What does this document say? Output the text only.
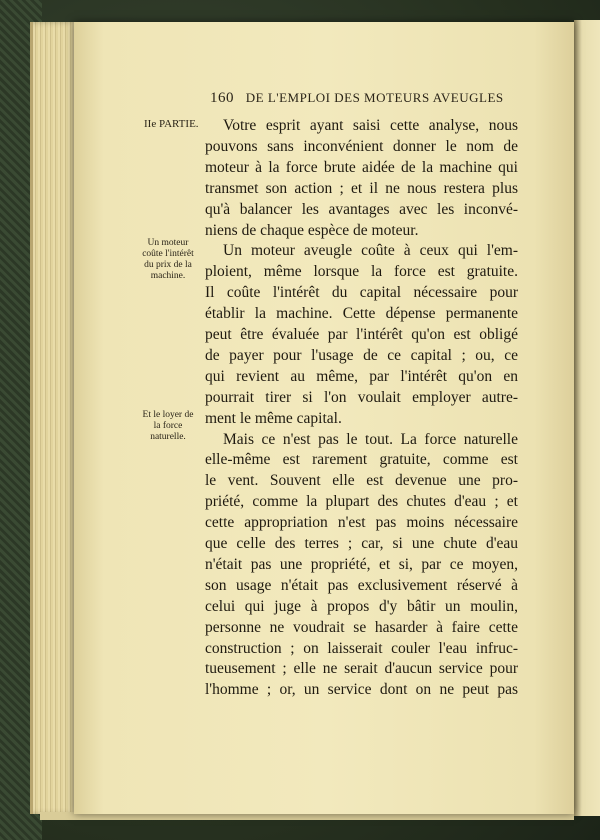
160 DE L'EMPLOI DES MOTEURS AVEUGLES
IIe PARTIE.
Un moteur
coûte l'intérêt
du prix de la
machine.
Et le loyer de
la force
naturelle.
Votre esprit ayant saisi cette analyse, nous
pouvons sans inconvénient donner le nom de
moteur à la force brute aidée de la machine qui
transmet son action ; et il ne nous restera plus
qu'à balancer les avantages avec les inconvé-
niens de chaque espèce de moteur.
Un moteur aveugle coûte à ceux qui l'em-
ploient, même lorsque la force est gratuite.
Il coûte l'intérêt du capital nécessaire pour
établir la machine. Cette dépense permanente
peut être évaluée par l'intérêt qu'on est obligé
de payer pour l'usage de ce capital ; ou, ce
qui revient au même, par l'intérêt qu'on en
pourrait tirer si l'on voulait employer autre-
ment le même capital.
Mais ce n'est pas le tout. La force naturelle
elle-même est rarement gratuite, comme est
le vent. Souvent elle est devenue une pro-
priété, comme la plupart des chutes d'eau ; et
cette appropriation n'est pas moins nécessaire
que celle des terres ; car, si une chute d'eau
n'était pas une propriété, et si, par ce moyen,
son usage n'était pas exclusivement réservé à
celui qui juge à propos d'y bâtir un moulin,
personne ne voudrait se hasarder à faire cette
construction ; on laisserait couler l'eau infruc-
tueusement ; elle ne serait d'aucun service pour
l'homme ; or, un service dont on ne peut pas
